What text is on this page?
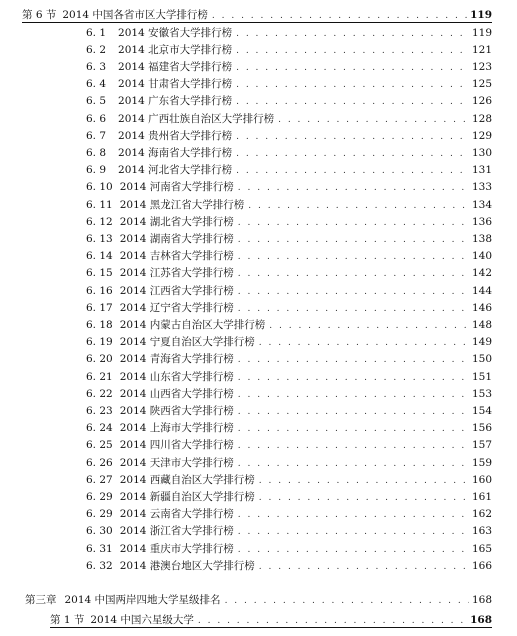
第 6 节 2014 中国各省市区大学排行榜 . . .	119
6. 1 2014 安徽省大学排行榜 . . .	119
6. 2 2014 北京市大学排行榜 . . .	121
6. 3 2014 福建省大学排行榜 . . .	123
6. 4 2014 甘肃省大学排行榜 . . .	125
6. 5 2014 广东省大学排行榜 . . .	126
6. 6 2014 广西壮族自治区大学排行榜 . . .	128
6. 7 2014 贵州省大学排行榜 . . .	129
6. 8 2014 海南省大学排行榜 . . .	130
6. 9 2014 河北省大学排行榜 . . .	131
6. 10 2014 河南省大学排行榜 . . .	133
6. 11 2014 黑龙江省大学排行榜 . . .	134
6. 12 2014 湖北省大学排行榜 . . .	136
6. 13 2014 湖南省大学排行榜 . . .	138
6. 14 2014 吉林省大学排行榜 . . .	140
6. 15 2014 江苏省大学排行榜 . . .	142
6. 16 2014 江西省大学排行榜 . . .	144
6. 17 2014 辽宁省大学排行榜 . . .	146
6. 18 2014 内蒙古自治区大学排行榜 . . .	148
6. 19 2014 宁夏自治区大学排行榜 . . .	149
6. 20 2014 青海省大学排行榜 . . .	150
6. 21 2014 山东省大学排行榜 . . .	151
6. 22 2014 山西省大学排行榜 . . .	153
6. 23 2014 陕西省大学排行榜 . . .	154
6. 24 2014 上海市大学排行榜 . . .	156
6. 25 2014 四川省大学排行榜 . . .	157
6. 26 2014 天津市大学排行榜 . . .	159
6. 27 2014 西藏自治区大学排行榜 . . .	160
6. 29 2014 新疆自治区大学排行榜 . . .	161
6. 29 2014 云南省大学排行榜 . . .	162
6. 30 2014 浙江省大学排行榜 . . .	163
6. 31 2014 重庆市大学排行榜 . . .	165
6. 32 2014 港澳台地区大学排行榜 . . .	166
第三章 2014 中国两岸四地大学星级排名 . . .	168
第 1 节 2014 中国六星级大学 . . .	168
